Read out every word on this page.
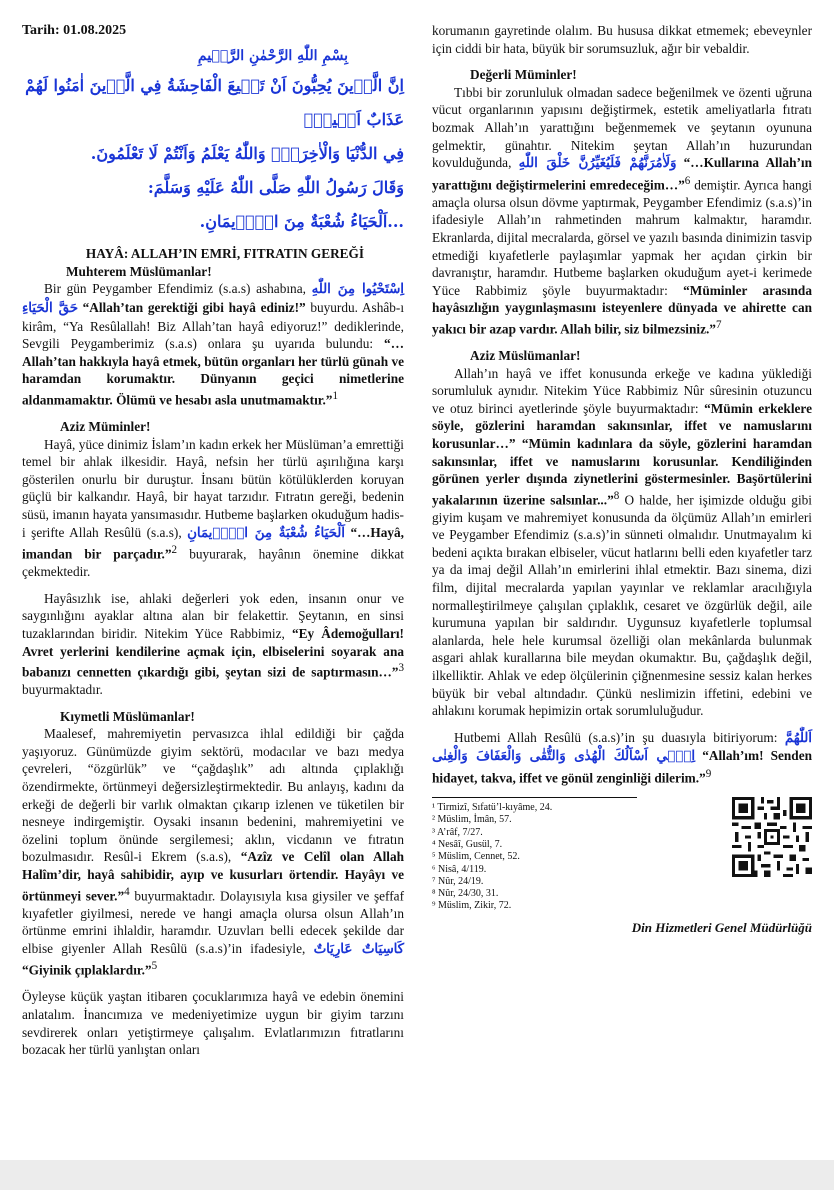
Tarih: 01.08.2025

بِسْمِ اللّٰهِ الرَّحْمٰنِ الرَّح۪يمِ

اِنَّ الَّذ۪ينَ يُحِبُّونَ اَنْ تَش۪يعَ الْفَاحِشَةُ فِي الَّذ۪ينَ اٰمَنُوا لَهُمْ عَذَابٌ اَل۪يمٌۙ

فِي الدُّنْيَا وَالْاٰخِرَةِۜ وَاللّٰهُ يَعْلَمُ وَاَنْتُمْ لَا تَعْلَمُونَ.

وَقَالَ رَسُولُ اللّٰهِ صَلَّى اللّٰهُ عَلَيْهِ وَسَلَّمَ:

...اَلْحَيَاءُ شُعْبَةٌ مِنَ الْإ۪يمَانِ.

HAYÂ: ALLAH’IN EMRİ, FITRATIN GEREĞİ

Muhterem Müslümanlar!

Bir gün Peygamber Efendimiz (s.a.s) ashabına, اِسْتَحْيُوا مِنَ اللّٰهِ حَقَّ الْحَيَاءِ “Allah’tan gerektiği gibi hayâ ediniz!” buyurdu. Ashâb-ı kirâm, “Ya Resûlallah! Biz Allah’tan hayâ ediyoruz!” dediklerinde, Sevgili Peygamberimiz (s.a.s) onlara şu uyarıda bulundu: “…Allah’tan hakkıyla hayâ etmek, bütün organları her türlü günah ve haramdan korumaktır. Dünyanın geçici nimetlerine aldanmamaktır. Ölümü ve hesabı asla unutmamaktır.”$^1$

Aziz Müminler!

Hayâ, yüce dinimiz İslam’ın kadın erkek her Müslüman’a emrettiği temel bir ahlak ilkesidir. Hayâ, nefsin her türlü aşırılığına karşı gösterilen onurlu bir duruştur. İnsanı bütün kötülüklerden koruyan güçlü bir kalkandır. Hayâ, bir hayat tarzıdır. Fıtratın gereği, bedenin süsü, imanın hayata yansımasıdır. Hutbeme başlarken okuduğum hadis-i şerifte Allah Resûlü (s.a.s), اَلْحَيَاءُ شُعْبَةٌ مِنَ الْإ۪يمَانِ “…Hayâ, imandan bir parçadır.”$^2$ buyurarak, hayânın önemine dikkat çekmektedir.

Hayâsızlık ise, ahlaki değerleri yok eden, insanın onur ve saygınlığını ayaklar altına alan bir felakettir. Şeytanın, en sinsi tuzaklarından biridir. Nitekim Yüce Rabbimiz, “Ey Âdemoğulları! Avret yerlerini kendilerine açmak için, elbiselerini soyarak ana babanızı cennetten çıkardığı gibi, şeytan sizi de saptırmasın…”$^3$ buyurmaktadır.

Kıymetli Müslümanlar!

Maalesef, mahremiyetin pervasızca ihlal edildiği bir çağda yaşıyoruz. Günümüzde giyim sektörü, modacılar ve bazı medya çevreleri, “özgürlük” ve “çağdaşlık” adı altında çıplaklığı özendirmekte, örtünmeyi değersizleştirmektedir. Bu anlayış, kadını da erkeği de değerli bir varlık olmaktan çıkarıp izlenen ve tüketilen bir nesneye indirgemiştir. Oysaki insanın bedenini, mahremiyetini ve özelini toplum önünde sergilemesi; aklın, vicdanın ve fıtratın bozulmasıdır. Resûl-i Ekrem (s.a.s), “Azîz ve Celîl olan Allah Halîm’dir, hayâ sahibidir, ayıp ve kusurları örtendir. Hayâyı ve örtünmeyi sever.”$^4$ buyurmaktadır. Dolayısıyla kısa giysiler ve şeffaf kıyafetler giyilmesi, nerede ve hangi amaçla olursa olsun Allah’ın örtünme emrini ihlaldir, haramdır. Uzuvları belli edecek şekilde dar elbise giyenler Allah Resûlü (s.a.s)’in ifadesiyle, كَاسِيَاتٌ عَارِيَاتٌ “Giyinik çıplaklardır.”$^5$

Öyleyse küçük yaştan itibaren çocuklarımıza hayâ ve edebin önemini anlatalım. İnancımıza ve medeniyetimize uygun bir giyim tarzını sevdirerek onları yetiştirmeye çalışalım. Evlatlarımızın fıtratlarını bozacak her türlü yanlıştan onları

korumanın gayretinde olalım. Bu hususa dikkat etmemek; ebeveynler için ciddi bir hata, büyük bir sorumsuzluk, ağır bir vebaldir.

Değerli Müminler!

Tıbbi bir zorunluluk olmadan sadece beğenilmek ve özenti uğruna vücut organlarının yapısını değiştirmek, estetik ameliyatlarla fıtratı bozmak Allah’ın yarattığını beğenmemek ve şeytanın oyununa gelmektir, günahtır. Nitekim şeytan Allah’ın huzurundan kovulduğunda, وَلَاٰمُرَنَّهُمْ فَلَيُغَيِّرُنَّ خَلْقَ اللّٰهِ “…Kullarına Allah’ın yarattığını değiştirmelerini emredeceğim…”$^6$ demiştir. Ayrıca hangi amaçla olursa olsun dövme yaptırmak, Peygamber Efendimiz (s.a.s)’in ifadesiyle Allah’ın rahmetinden mahrum kalmaktır, haramdır. Ekranlarda, dijital mecralarda, görsel ve yazılı basında dinimizin tasvip etmediği kıyafetlerle paylaşımlar yapmak her açıdan çirkin bir davranıştır, haramdır. Hutbeme başlarken okuduğum ayet-i kerimede Yüce Rabbimiz şöyle buyurmaktadır: “Müminler arasında hayâsızlığın yaygınlaşmasını isteyenlere dünyada ve ahirette can yakıcı bir azap vardır. Allah bilir, siz bilmezsiniz.”$^7$

Aziz Müslümanlar!

Allah’ın hayâ ve iffet konusunda erkeğe ve kadına yüklediği sorumluluk aynıdır. Nitekim Yüce Rabbimiz Nûr sûresinin otuzuncu ve otuz birinci ayetlerinde şöyle buyurmaktadır: “Mümin erkeklere söyle, gözlerini haramdan sakınsınlar, iffet ve namuslarını korusunlar…” “Mümin kadınlara da söyle, gözlerini haramdan sakınsınlar, iffet ve namuslarını korusunlar. Kendiliğinden görünen yerler dışında ziynetlerini göstermesinler. Başörtülerini yakalarının üzerine salsınlar...”$^8$ O halde, her işimizde olduğu gibi giyim kuşam ve mahremiyet konusunda da ölçümüz Allah’ın emirleri ve Peygamber Efendimiz (s.a.s)’in sünneti olmalıdır. Unutmayalım ki bedeni açıkta bırakan elbiseler, vücut hatlarını belli eden kıyafetler tarz ya da imaj değil Allah’ın emirlerini ihlal etmektir. Bazı sinema, dizi film, dijital mecralarda yapılan yayınlar ve reklamlar aracılığıyla normalleştirilmeye çalışılan çıplaklık, cesaret ve özgürlük değil, aile kurumuna yapılan bir saldırıdır. Uygunsuz kıyafetlerle toplumsal alanlarda, hele hele kurumsal özelliği olan mekânlarda bulunmak asgari ahlak kurallarına bile meydan okumaktır. Bu, çağdaşlık değil, ilkelliktir. Ahlak ve edep ölçülerinin çiğnenmesine sessiz kalan herkes büyük bir vebal altındadır. Çünkü neslimizin iffetini, edebini ve ahlakını korumak hepimizin ortak sorumluluğudur.

Hutbemi Allah Resûlü (s.a.s)’in şu duasıyla bitiriyorum: اَللّٰهُمَّ اِنّ۪ي اَسْاَلُكَ الْهُدٰى وَالتُّقٰى وَالْعَفَافَ وَالْغِنٰى “Allah’ım! Senden hidayet, takva, iffet ve gönül zenginliği dilerim.”$^9$

¹ Tirmizî, Sıfatü’l-kıyâme, 24.
² Müslim, İmân, 57.
³ A’râf, 7/27.
⁴ Nesâî, Gusül, 7.
⁵ Müslim, Cennet, 52.
⁶ Nisâ, 4/119.
⁷ Nûr, 24/19.
⁸ Nûr, 24/30, 31.
⁹ Müslim, Zikir, 72.

Din Hizmetleri Genel Müdürlüğü
